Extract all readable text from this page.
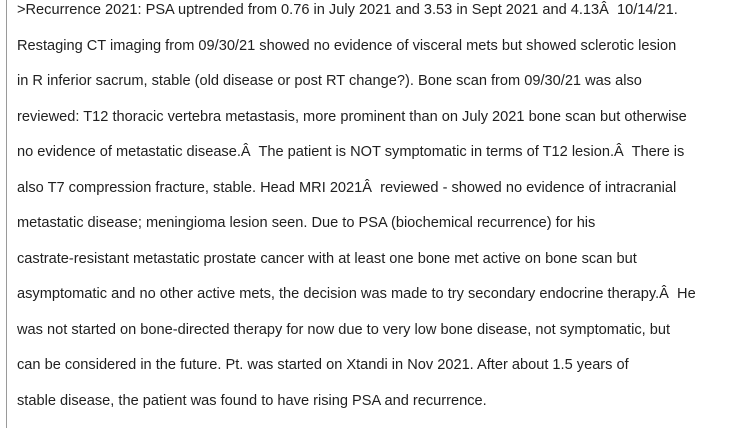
>Recurrence 2021: PSA uptrended from 0.76 in July 2021 and 3.53 in Sept 2021 and 4.13Â  10/14/21.
Restaging CT imaging from 09/30/21 showed no evidence of visceral mets but showed sclerotic lesion
in R inferior sacrum, stable (old disease or post RT change?). Bone scan from 09/30/21 was also
reviewed: T12 thoracic vertebra metastasis, more prominent than on July 2021 bone scan but otherwise
no evidence of metastatic disease.Â  The patient is NOT symptomatic in terms of T12 lesion.Â  There is
also T7 compression fracture, stable. Head MRI 2021Â  reviewed - showed no evidence of intracranial
metastatic disease; meningioma lesion seen. Due to PSA (biochemical recurrence) for his
castrate-resistant metastatic prostate cancer with at least one bone met active on bone scan but
asymptomatic and no other active mets, the decision was made to try secondary endocrine therapy.Â  He
was not started on bone-directed therapy for now due to very low bone disease, not symptomatic, but
can be considered in the future. Pt. was started on Xtandi in Nov 2021. After about 1.5 years of
stable disease, the patient was found to have rising PSA and recurrence.
